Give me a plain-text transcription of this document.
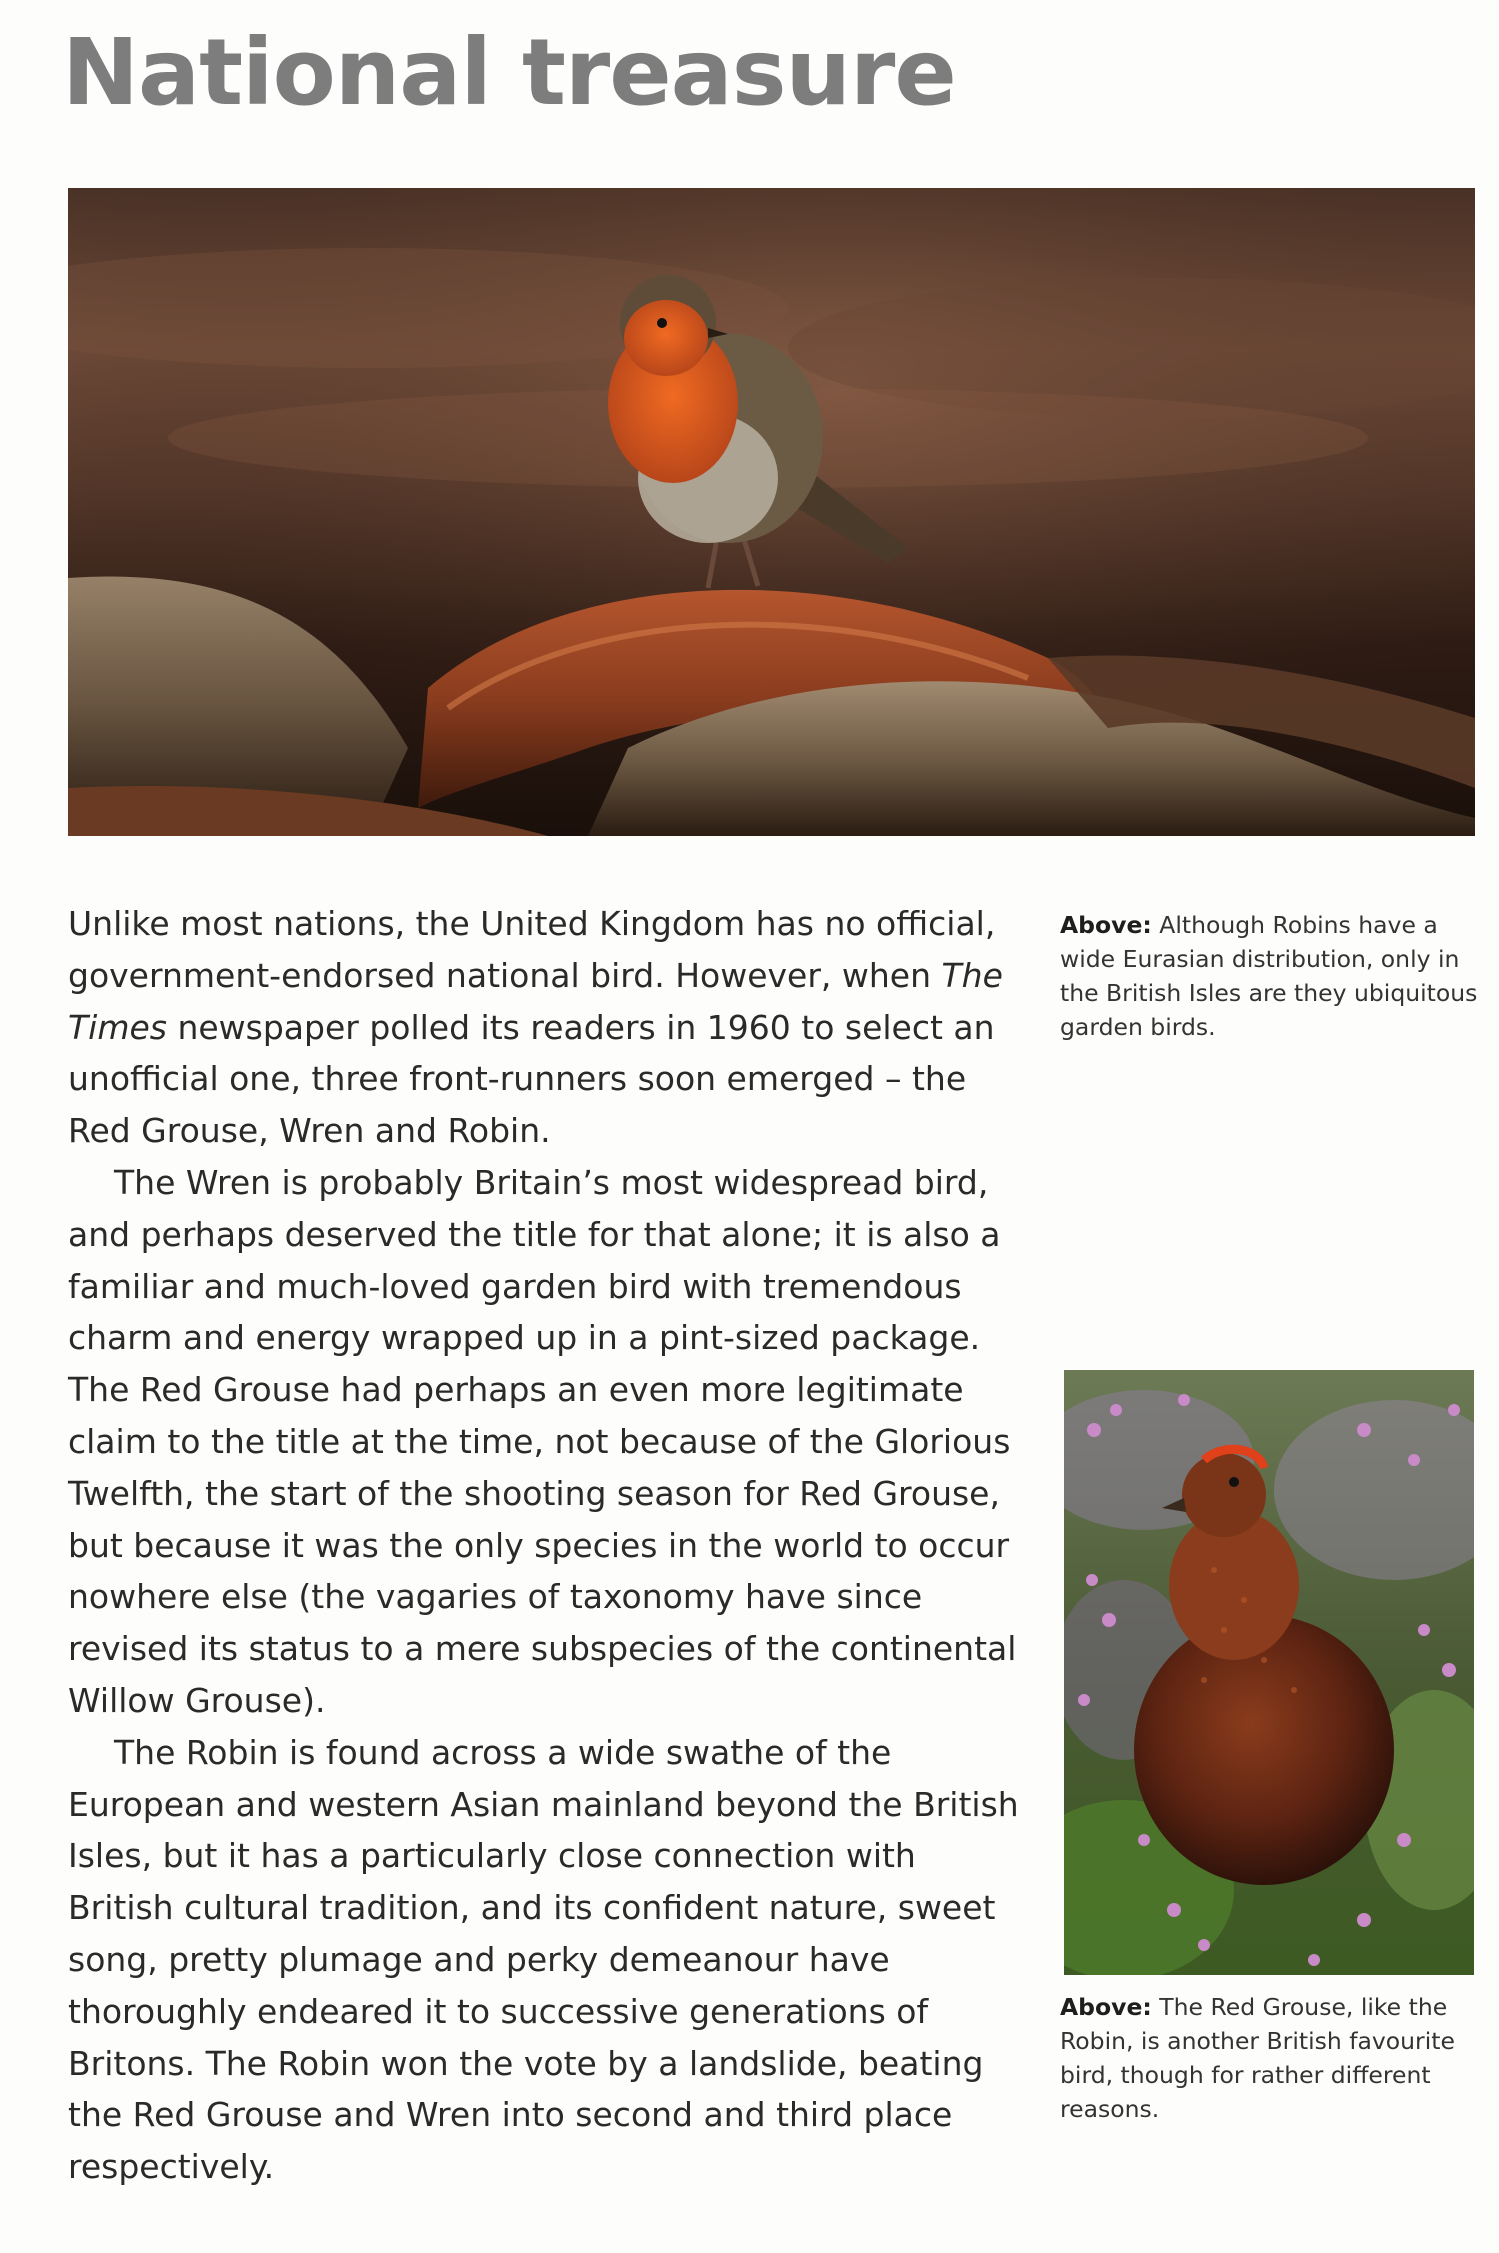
National treasure

Unlike most nations, the United Kingdom has no official, government-endorsed national bird. However, when The Times newspaper polled its readers in 1960 to select an unofficial one, three front-runners soon emerged – the Red Grouse, Wren and Robin.

The Wren is probably Britain’s most widespread bird, and perhaps deserved the title for that alone; it is also a familiar and much-loved garden bird with tremendous charm and energy wrapped up in a pint-sized package. The Red Grouse had perhaps an even more legitimate claim to the title at the time, not because of the Glorious Twelfth, the start of the shooting season for Red Grouse, but because it was the only species in the world to occur nowhere else (the vagaries of taxonomy have since revised its status to a mere subspecies of the continental Willow Grouse).

The Robin is found across a wide swathe of the European and western Asian mainland beyond the British Isles, but it has a particularly close connection with British cultural tradition, and its confident nature, sweet song, pretty plumage and perky demeanour have thoroughly endeared it to successive generations of Britons. The Robin won the vote by a landslide, beating the Red Grouse and Wren into second and third place respectively.

Above: Although Robins have a wide Eurasian distribution, only in the British Isles are they ubiquitous garden birds.
Above: The Red Grouse, like the Robin, is another British favourite bird, though for rather different reasons.
